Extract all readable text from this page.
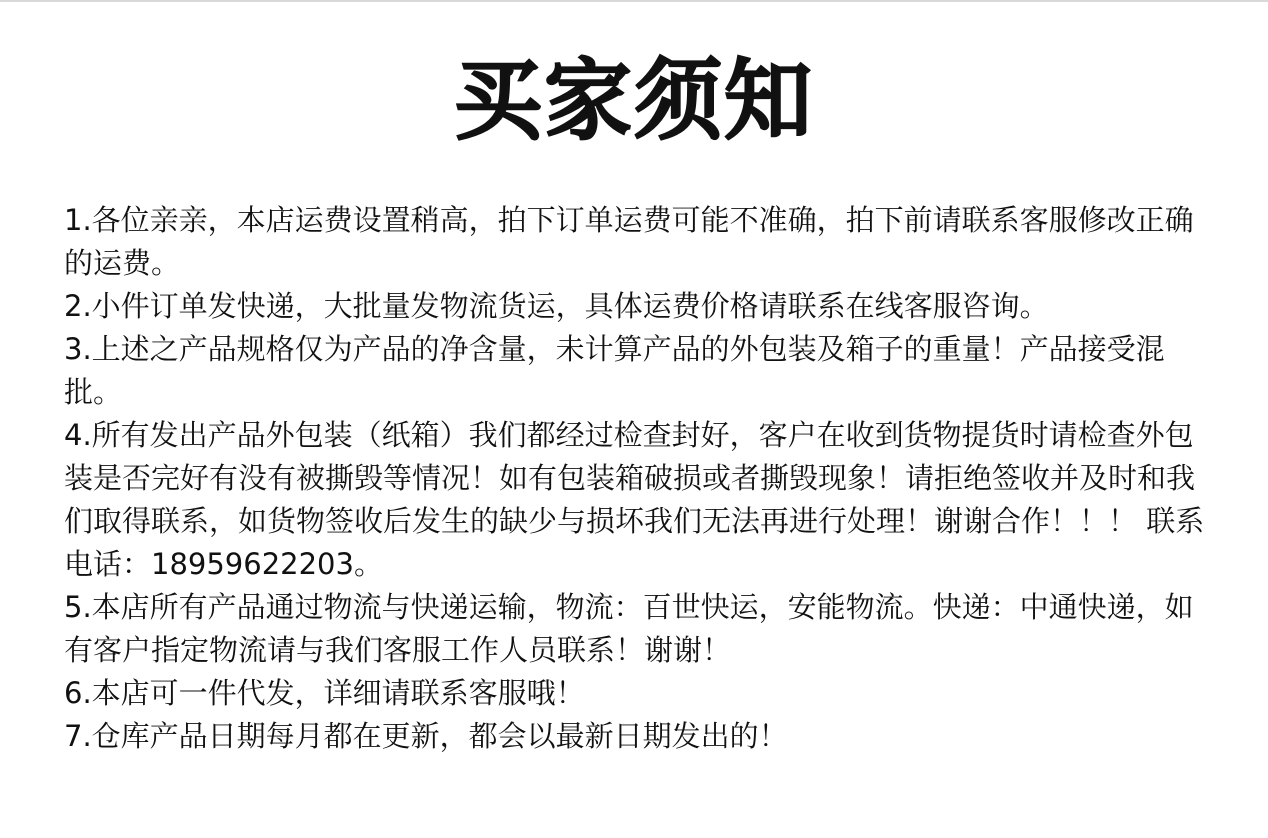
买家须知
1.各位亲亲，本店运费设置稍高，拍下订单运费可能不准确，拍下前请联系客服修改正确的运费。
2.小件订单发快递，大批量发物流货运，具体运费价格请联系在线客服咨询。
3.上述之产品规格仅为产品的净含量，未计算产品的外包装及箱子的重量！产品接受混批。
4.所有发出产品外包装（纸箱）我们都经过检查封好，客户在收到货物提货时请检查外包装是否完好有没有被撕毁等情况！如有包装箱破损或者撕毁现象！请拒绝签收并及时和我们取得联系，如货物签收后发生的缺少与损坏我们无法再进行处理！谢谢合作！！！ 联系电话：18959622203。
5.本店所有产品通过物流与快递运输，物流：百世快运，安能物流。快递：中通快递，如有客户指定物流请与我们客服工作人员联系！谢谢！
6.本店可一件代发，详细请联系客服哦！
7.仓库产品日期每月都在更新，都会以最新日期发出的！
